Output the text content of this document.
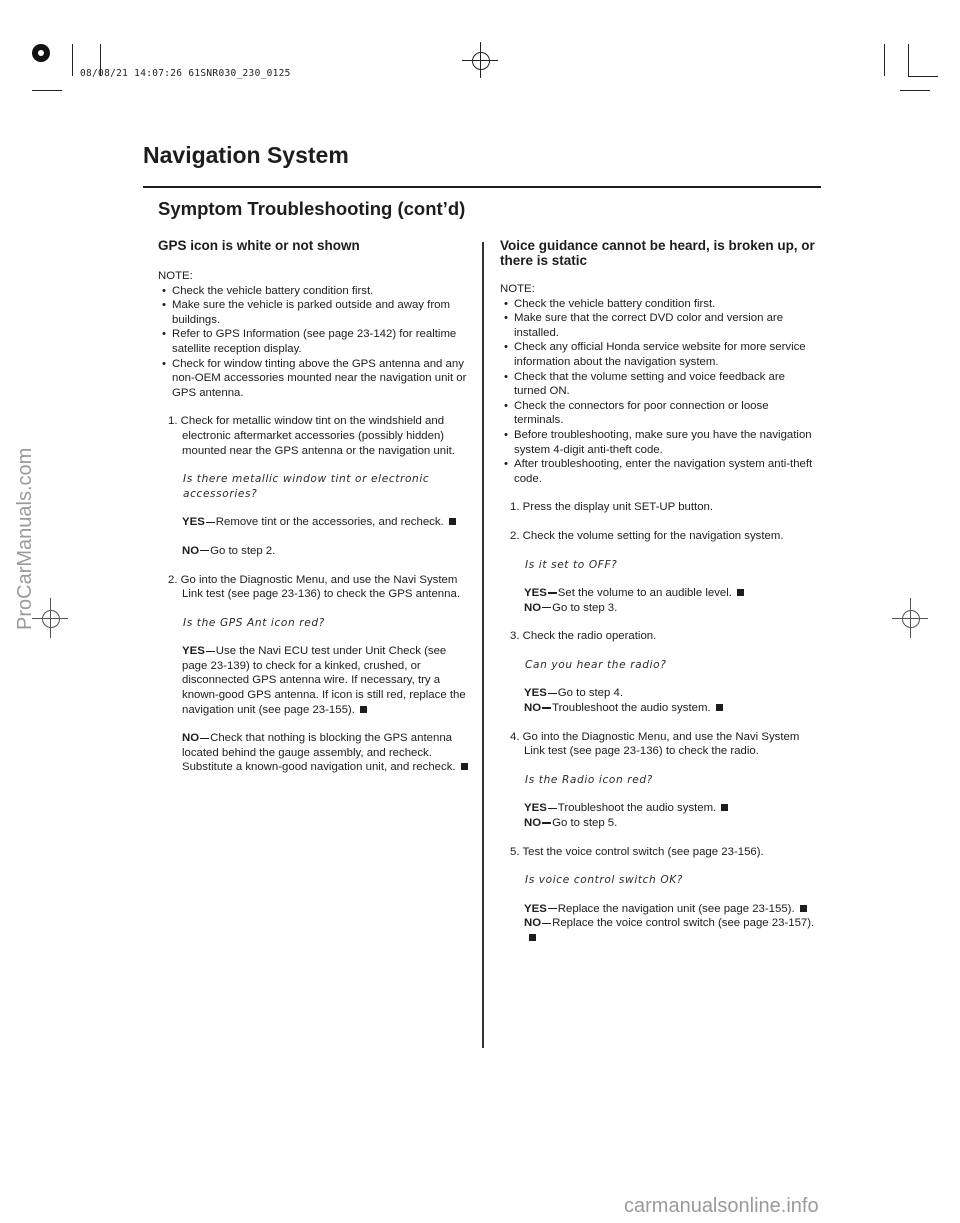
08/08/21 14:07:26 61SNR030_230_0125
ProCarManuals.com
carmanualsonline.info
Navigation System
Symptom Troubleshooting (cont’d)

GPS icon is white or not shown

NOTE:

• Check the vehicle battery condition first.

• Make sure the vehicle is parked outside and away from buildings.

• Refer to GPS Information (see page 23-142) for realtime satellite reception display.

• Check for window tinting above the GPS antenna and any non-OEM accessories mounted near the navigation unit or GPS antenna.

1. Check for metallic window tint on the windshield and electronic aftermarket accessories (possibly hidden) mounted near the GPS antenna or the navigation unit.

Is there metallic window tint or electronic accessories?

YES Remove tint or the accessories, and recheck.

NO Go to step 2.

2. Go into the Diagnostic Menu, and use the Navi System Link test (see page 23-136) to check the GPS antenna.

Is the GPS Ant icon red?

YES Use the Navi ECU test under Unit Check (see page 23-139) to check for a kinked, crushed, or disconnected GPS antenna wire. If necessary, try a known-good GPS antenna. If icon is still red, replace the navigation unit (see page 23-155).

NO Check that nothing is blocking the GPS antenna located behind the gauge assembly, and recheck. Substitute a known-good navigation unit, and recheck.

Voice guidance cannot be heard, is broken up, or there is static

NOTE:

• Check the vehicle battery condition first.

• Make sure that the correct DVD color and version are installed.

• Check any official Honda service website for more service information about the navigation system.

• Check that the volume setting and voice feedback are turned ON.

• Check the connectors for poor connection or loose terminals.

• Before troubleshooting, make sure you have the navigation system 4-digit anti-theft code.

• After troubleshooting, enter the navigation system anti-theft code.

1. Press the display unit SET-UP button.

2. Check the volume setting for the navigation system.

Is it set to OFF?

YES Set the volume to an audible level.

NO Go to step 3.

3. Check the radio operation.

Can you hear the radio?

YES Go to step 4.

NO Troubleshoot the audio system.

4. Go into the Diagnostic Menu, and use the Navi System Link test (see page 23-136) to check the radio.

Is the Radio icon red?

YES Troubleshoot the audio system.

NO Go to step 5.

5. Test the voice control switch (see page 23-156).

Is voice control switch OK?

YES Replace the navigation unit (see page 23-155).

NO Replace the voice control switch (see page 23-157).
